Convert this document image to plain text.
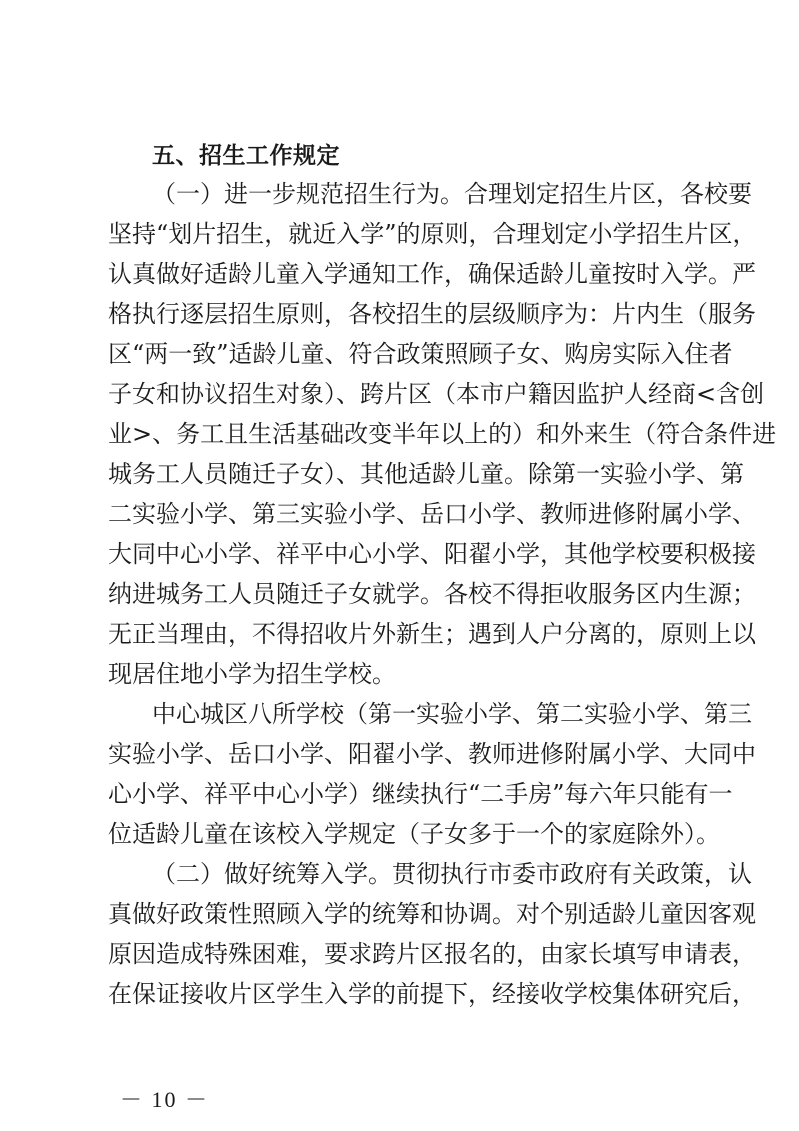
五、招生工作规定
（一）进一步规范招生行为。合理划定招生片区，各校要
坚持“划片招生，就近入学”的原则，合理划定小学招生片区，
认真做好适龄儿童入学通知工作，确保适龄儿童按时入学。严
格执行逐层招生原则，各校招生的层级顺序为：片内生（服务
区“两一致”适龄儿童、符合政策照顾子女、购房实际入住者
子女和协议招生对象）、跨片区（本市户籍因监护人经商<含创
业>、务工且生活基础改变半年以上的）和外来生（符合条件进
城务工人员随迁子女）、其他适龄儿童。除第一实验小学、第
二实验小学、第三实验小学、岳口小学、教师进修附属小学、
大同中心小学、祥平中心小学、阳翟小学，其他学校要积极接
纳进城务工人员随迁子女就学。各校不得拒收服务区内生源；
无正当理由，不得招收片外新生；遇到人户分离的，原则上以
现居住地小学为招生学校。
中心城区八所学校（第一实验小学、第二实验小学、第三
实验小学、岳口小学、阳翟小学、教师进修附属小学、大同中
心小学、祥平中心小学）继续执行“二手房”每六年只能有一
位适龄儿童在该校入学规定（子女多于一个的家庭除外）。
（二）做好统筹入学。贯彻执行市委市政府有关政策，认
真做好政策性照顾入学的统筹和协调。对个别适龄儿童因客观
原因造成特殊困难，要求跨片区报名的，由家长填写申请表，
在保证接收片区学生入学的前提下，经接收学校集体研究后，
－ 10 －
